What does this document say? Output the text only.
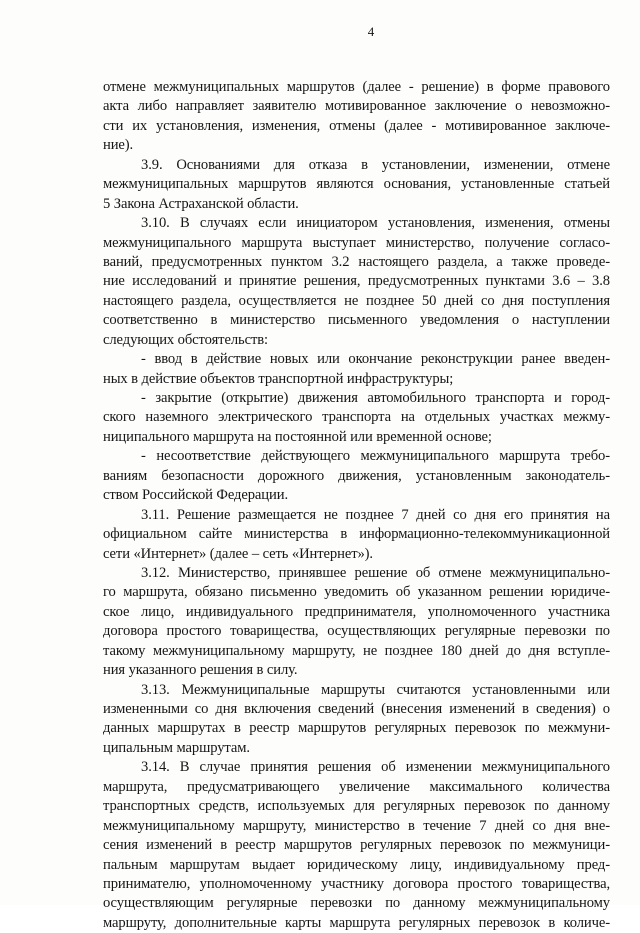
4
отмене межмуниципальных маршрутов (далее - решение) в форме правового
акта либо направляет заявителю мотивированное заключение о невозможно-
сти их установления, изменения, отмены (далее - мотивированное заключе-
ние).
3.9. Основаниями для отказа в установлении, изменении, отмене
межмуниципальных маршрутов являются основания, установленные статьей
5 Закона Астраханской области.
3.10. В случаях если инициатором установления, изменения, отмены
межмуниципального маршрута выступает министерство, получение согласо-
ваний, предусмотренных пунктом 3.2 настоящего раздела, а также проведе-
ние исследований и принятие решения, предусмотренных пунктами 3.6 – 3.8
настоящего раздела, осуществляется не позднее 50 дней со дня поступления
соответственно в министерство письменного уведомления о наступлении
следующих обстоятельств:
- ввод в действие новых или окончание реконструкции ранее введен-
ных в действие объектов транспортной инфраструктуры;
- закрытие (открытие) движения автомобильного транспорта и город-
ского наземного электрического транспорта на отдельных участках межму-
ниципального маршрута на постоянной или временной основе;
- несоответствие действующего межмуниципального маршрута требо-
ваниям безопасности дорожного движения, установленным законодатель-
ством Российской Федерации.
3.11. Решение размещается не позднее 7 дней со дня его принятия на
официальном сайте министерства в информационно-телекоммуникационной
сети «Интернет» (далее – сеть «Интернет»).
3.12. Министерство, принявшее решение об отмене межмуниципально-
го маршрута, обязано письменно уведомить об указанном решении юридиче-
ское лицо, индивидуального предпринимателя, уполномоченного участника
договора простого товарищества, осуществляющих регулярные перевозки по
такому межмуниципальному маршруту, не позднее 180 дней до дня вступле-
ния указанного решения в силу.
3.13. Межмуниципальные маршруты считаются установленными или
измененными со дня включения сведений (внесения изменений в сведения) о
данных маршрутах в реестр маршрутов регулярных перевозок по межмуни-
ципальным маршрутам.
3.14. В случае принятия решения об изменении межмуниципального
маршрута, предусматривающего увеличение максимального количества
транспортных средств, используемых для регулярных перевозок по данному
межмуниципальному маршруту, министерство в течение 7 дней со дня вне-
сения изменений в реестр маршрутов регулярных перевозок по межмуници-
пальным маршрутам выдает юридическому лицу, индивидуальному пред-
принимателю, уполномоченному участнику договора простого товарищества,
осуществляющим регулярные перевозки по данному межмуниципальному
маршруту, дополнительные карты маршрута регулярных перевозок в количе-
